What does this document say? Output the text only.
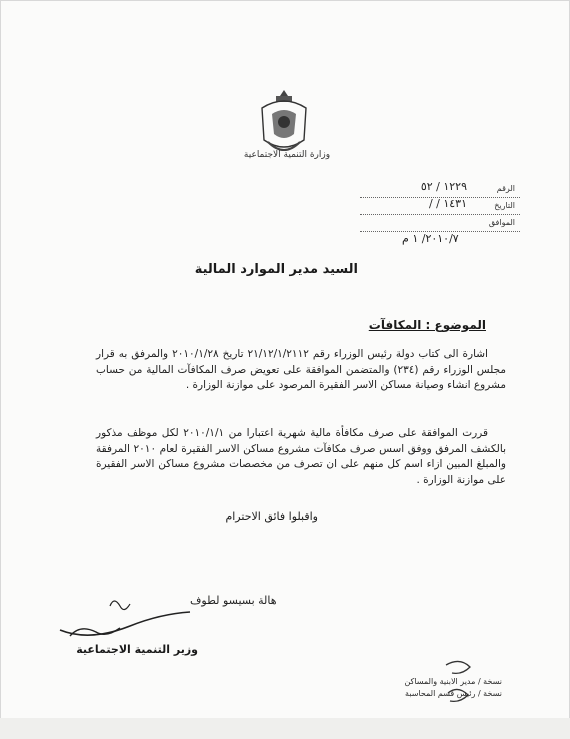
وزارة التنمية الاجتماعية
الرقم
١٢٢٩ / ٥٢
التاريخ
١٤٣١ / /
الموافق
٢٠١٠/٧/ ١ م
السيد مدير الموارد المالية
الموضوع : المكافآت
اشارة الى كتاب دولة رئيس الوزراء رقم ٢١/١٢/١/٢١١٢ تاريخ ٢٠١٠/١/٢٨ والمرفق به قرار مجلس الوزراء رقم (٢٣٤) والمتضمن الموافقة على تعويض صرف المكافآت المالية من حساب مشروع انشاء وصيانة مساكن الاسر الفقيرة المرصود على موازنة الوزارة .
قررت الموافقة على صرف مكافأة مالية شهرية اعتبارا من ٢٠١٠/١/١ لكل موظف مذكور بالكشف المرفق ووفق اسس صرف مكافآت مشروع مساكن الاسر الفقيرة لعام ٢٠١٠ المرفقة والمبلغ المبين ازاء اسم كل منهم على ان تصرف من مخصصات مشروع مساكن الاسر الفقيرة على موازنة الوزارة .
واقبلوا فائق الاحترام
هالة بسيسو لطوف
وزير التنمية الاجتماعية
نسخة / مدير الابنية والمساكن
نسخة / رئيس قسم المحاسبة
